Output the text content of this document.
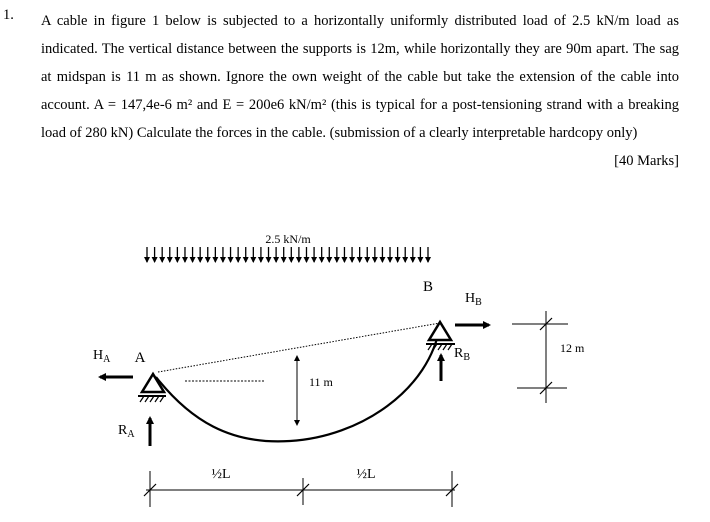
1. A cable in figure 1 below is subjected to a horizontally uniformly distributed load of 2.5 kN/m load as indicated. The vertical distance between the supports is 12m, while horizontally they are 90m apart. The sag at midspan is 11 m as shown. Ignore the own weight of the cable but take the extension of the cable into account. A = 147,4e-6 m² and E = 200e6 kN/m² (this is typical for a post-tensioning strand with a breaking load of 280 kN) Calculate the forces in the cable. (submission of a clearly interpretable hardcopy only)
[40 Marks]
2.5 kN/m
A
B
$H_A$
$R_A$
$H_B$
$R_B$
11 m
12 m
½L	½L
